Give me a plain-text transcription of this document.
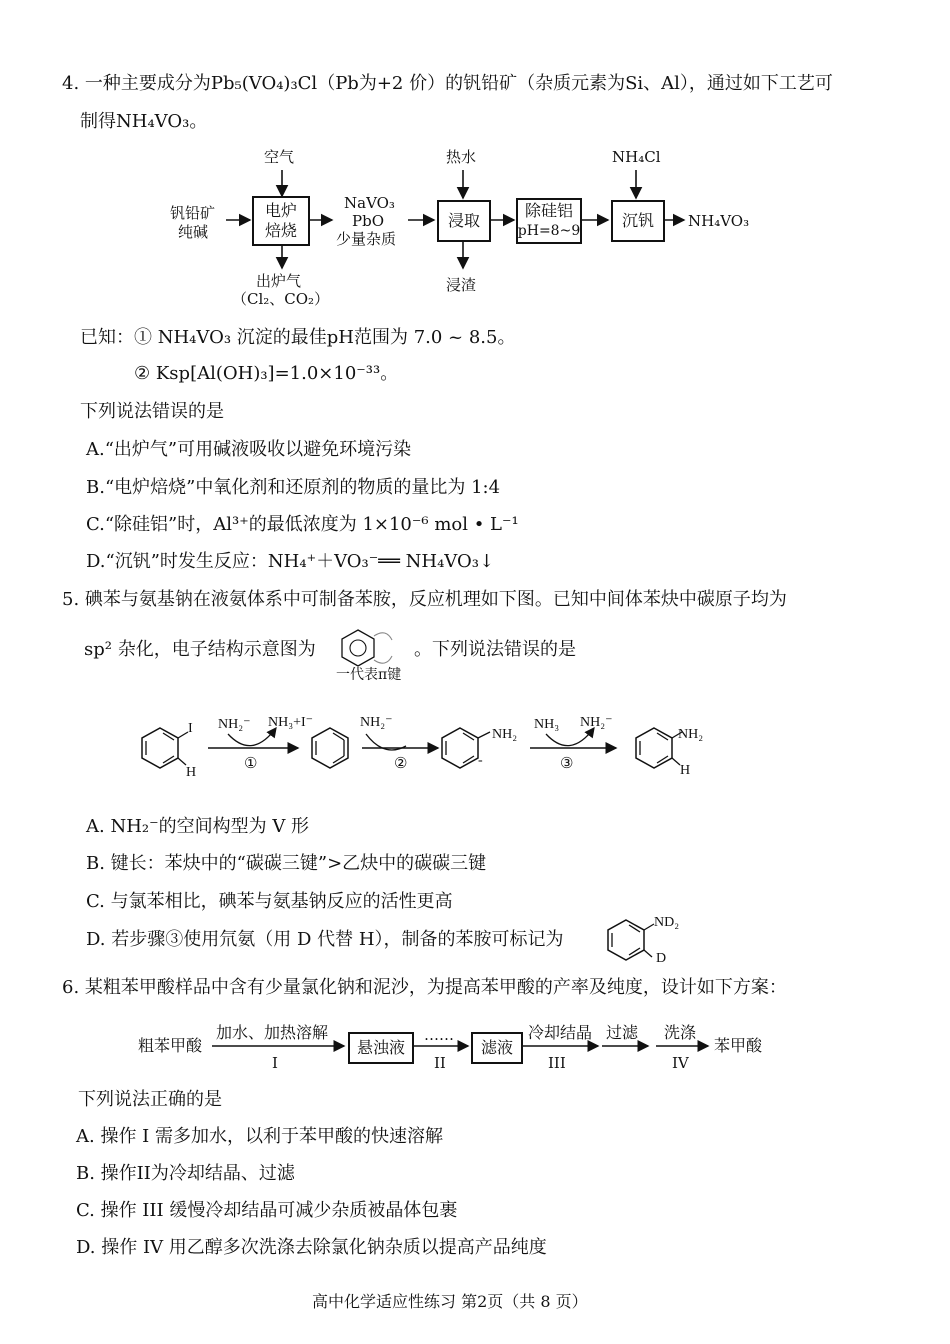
4. 一种主要成分为Pb₅(VO₄)₃Cl（Pb为+2 价）的钒铅矿（杂质元素为Si、Al），通过如下工艺可
制得NH₄VO₃。
空气
钒铅矿
纯碱
电炉
焙烧
出炉气
（Cl₂、CO₂）
NaVO₃
PbO
少量杂质
热水
浸取
浸渣
除硅铝
pH=8~9
NH₄Cl
沉钒	NH₄VO₃
已知：① NH₄VO₃ 沉淀的最佳pH范围为 7.0 ~ 8.5。
② Ksp[Al(OH)₃]=1.0×10⁻³³。
下列说法错误的是
A.“出炉气”可用碱液吸收以避免环境污染
B.“电炉焙烧”中氧化剂和还原剂的物质的量比为 1:4
C.“除硅铝”时，Al³⁺的最低浓度为 1×10⁻⁶ mol • L⁻¹
D.“沉钒”时发生反应：NH₄⁺＋VO₃⁻══ NH₄VO₃↓
5. 碘苯与氨基钠在液氨体系中可制备苯胺，反应机理如下图。已知中间体苯炔中碳原子均为
sp² 杂化，电子结构示意图为	。下列说法错误的是
一代表π键
I
H
NH₂⁻ NH₃+I⁻
①
NH₂⁻
②
NH₂
-
NH₃ NH₂⁻
③
NH₂
H
A. NH₂⁻的空间构型为 V 形
B. 键长：苯炔中的“碳碳三键”>乙炔中的碳碳三键
C. 与氯苯相比，碘苯与氨基钠反应的活性更高
D. 若步骤③使用氘氨（用 D 代替 H），制备的苯胺可标记为
ND₂
D
6. 某粗苯甲酸样品中含有少量氯化钠和泥沙，为提高苯甲酸的产率及纯度，设计如下方案：
粗苯甲酸
加水、加热溶解
I
悬浊液
……
II
滤液
冷却结晶
III
过滤 洗涤
IV
苯甲酸
下列说法正确的是
A. 操作 I 需多加水，以利于苯甲酸的快速溶解
B. 操作II为冷却结晶、过滤
C. 操作 III 缓慢冷却结晶可减少杂质被晶体包裹
D. 操作 IV 用乙醇多次洗涤去除氯化钠杂质以提高产品纯度
高中化学适应性练习 第2页（共 8 页）
